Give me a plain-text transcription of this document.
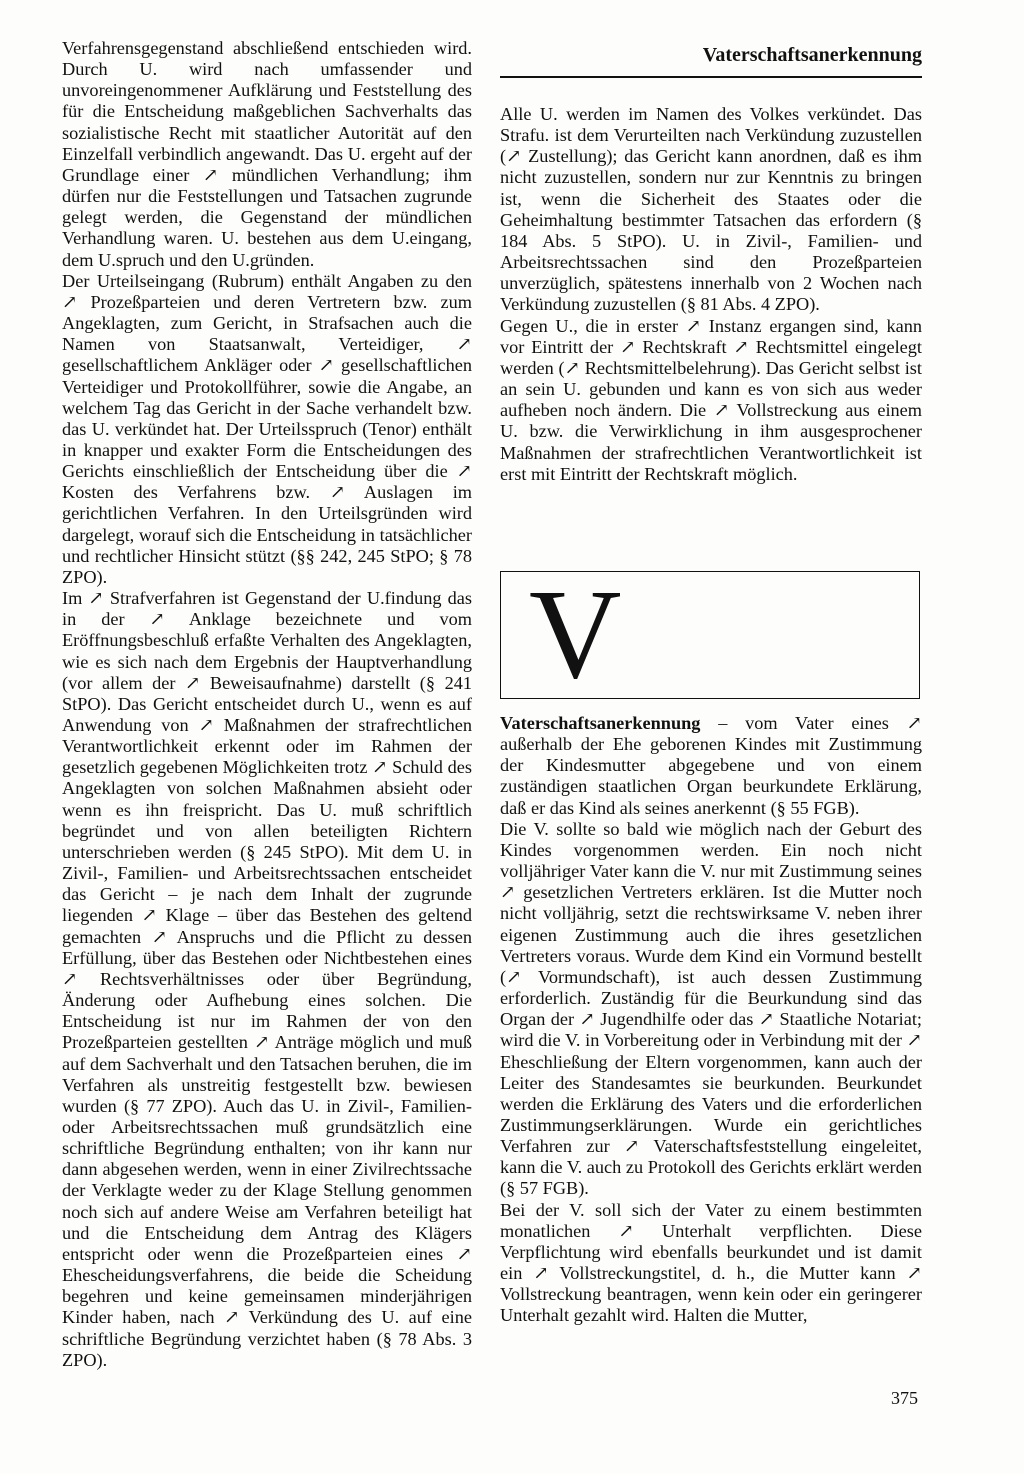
Vaterschaftsanerkennung

Verfahrensgegenstand abschließend entschieden wird. Durch U. wird nach umfassender und unvoreingenommener Aufklärung und Feststellung des für die Entscheidung maßgeblichen Sachverhalts das sozialistische Recht mit staatlicher Autorität auf den Einzelfall verbindlich angewandt. Das U. ergeht auf der Grundlage einer ↗ mündlichen Verhandlung; ihm dürfen nur die Feststellungen und Tatsachen zugrunde gelegt werden, die Gegenstand der mündlichen Verhandlung waren. U. bestehen aus dem U.eingang, dem U.spruch und den U.gründen.

Der Urteilseingang (Rubrum) enthält Angaben zu den ↗ Prozeßparteien und deren Vertretern bzw. zum Angeklagten, zum Gericht, in Strafsachen auch die Namen von Staatsanwalt, Verteidiger, ↗ gesellschaftlichem Ankläger oder ↗ gesellschaftlichen Verteidiger und Protokollführer, sowie die Angabe, an welchem Tag das Gericht in der Sache verhandelt bzw. das U. verkündet hat. Der Urteilsspruch (Tenor) enthält in knapper und exakter Form die Entscheidungen des Gerichts einschließlich der Entscheidung über die ↗ Kosten des Verfahrens bzw. ↗ Auslagen im gerichtlichen Verfahren. In den Urteilsgründen wird dargelegt, worauf sich die Entscheidung in tatsächlicher und rechtlicher Hinsicht stützt (§§ 242, 245 StPO; § 78 ZPO).

Im ↗ Strafverfahren ist Gegenstand der U.findung das in der ↗ Anklage bezeichnete und vom Eröffnungsbeschluß erfaßte Verhalten des Angeklagten, wie es sich nach dem Ergebnis der Hauptverhandlung (vor allem der ↗ Beweisaufnahme) darstellt (§ 241 StPO). Das Gericht entscheidet durch U., wenn es auf Anwendung von ↗ Maßnahmen der strafrechtlichen Verantwortlichkeit erkennt oder im Rahmen der gesetzlich gegebenen Möglichkeiten trotz ↗ Schuld des Angeklagten von solchen Maßnahmen absieht oder wenn es ihn freispricht. Das U. muß schriftlich begründet und von allen beteiligten Richtern unterschrieben werden (§ 245 StPO). Mit dem U. in Zivil-, Familien- und Arbeitsrechtssachen entscheidet das Gericht – je nach dem Inhalt der zugrunde liegenden ↗ Klage – über das Bestehen des geltend gemachten ↗ Anspruchs und die Pflicht zu dessen Erfüllung, über das Bestehen oder Nichtbestehen eines ↗ Rechtsverhältnisses oder über Begründung, Änderung oder Aufhebung eines solchen. Die Entscheidung ist nur im Rahmen der von den Prozeßparteien gestellten ↗ Anträge möglich und muß auf dem Sachverhalt und den Tatsachen beruhen, die im Verfahren als unstreitig festgestellt bzw. bewiesen wurden (§ 77 ZPO). Auch das U. in Zivil-, Familien- oder Arbeitsrechtssachen muß grundsätzlich eine schriftliche Begründung enthalten; von ihr kann nur dann abgesehen werden, wenn in einer Zivilrechtssache der Verklagte weder zu der Klage Stellung genommen noch sich auf andere Weise am Verfahren beteiligt hat und die Entscheidung dem Antrag des Klägers entspricht oder wenn die Prozeßparteien eines ↗ Ehescheidungsverfahrens, die beide die Scheidung begehren und keine gemeinsamen minderjährigen Kinder haben, nach ↗ Verkündung des U. auf eine schriftliche Begründung verzichtet haben (§ 78 Abs. 3 ZPO).

Alle U. werden im Namen des Volkes verkündet. Das Strafu. ist dem Verurteilten nach Verkündung zuzustellen (↗ Zustellung); das Gericht kann anordnen, daß es ihm nicht zuzustellen, sondern nur zur Kenntnis zu bringen ist, wenn die Sicherheit des Staates oder die Geheimhaltung bestimmter Tatsachen das erfordern (§ 184 Abs. 5 StPO). U. in Zivil-, Familien- und Arbeitsrechtssachen sind den Prozeßparteien unverzüglich, spätestens innerhalb von 2 Wochen nach Verkündung zuzustellen (§ 81 Abs. 4 ZPO).

Gegen U., die in erster ↗ Instanz ergangen sind, kann vor Eintritt der ↗ Rechtskraft ↗ Rechtsmittel eingelegt werden (↗ Rechtsmittelbelehrung). Das Gericht selbst ist an sein U. gebunden und kann es von sich aus weder aufheben noch ändern. Die ↗ Vollstreckung aus einem U. bzw. die Verwirklichung in ihm ausgesprochener Maßnahmen der strafrechtlichen Verantwortlichkeit ist erst mit Eintritt der Rechtskraft möglich.

V

Vaterschaftsanerkennung – vom Vater eines ↗ außerhalb der Ehe geborenen Kindes mit Zustimmung der Kindesmutter abgegebene und von einem zuständigen staatlichen Organ beurkundete Erklärung, daß er das Kind als seines anerkennt (§ 55 FGB).

Die V. sollte so bald wie möglich nach der Geburt des Kindes vorgenommen werden. Ein noch nicht volljähriger Vater kann die V. nur mit Zustimmung seines ↗ gesetzlichen Vertreters erklären. Ist die Mutter noch nicht volljährig, setzt die rechtswirksame V. neben ihrer eigenen Zustimmung auch die ihres gesetzlichen Vertreters voraus. Wurde dem Kind ein Vormund bestellt (↗ Vormundschaft), ist auch dessen Zustimmung erforderlich. Zuständig für die Beurkundung sind das Organ der ↗ Jugendhilfe oder das ↗ Staatliche Notariat; wird die V. in Vorbereitung oder in Verbindung mit der ↗ Eheschließung der Eltern vorgenommen, kann auch der Leiter des Standesamtes sie beurkunden. Beurkundet werden die Erklärung des Vaters und die erforderlichen Zustimmungserklärungen. Wurde ein gerichtliches Verfahren zur ↗ Vaterschaftsfeststellung eingeleitet, kann die V. auch zu Protokoll des Gerichts erklärt werden (§ 57 FGB).

Bei der V. soll sich der Vater zu einem bestimmten monatlichen ↗ Unterhalt verpflichten. Diese Verpflichtung wird ebenfalls beurkundet und ist damit ein ↗ Vollstreckungstitel, d. h., die Mutter kann ↗ Vollstreckung beantragen, wenn kein oder ein geringerer Unterhalt gezahlt wird. Halten die Mutter,

375
